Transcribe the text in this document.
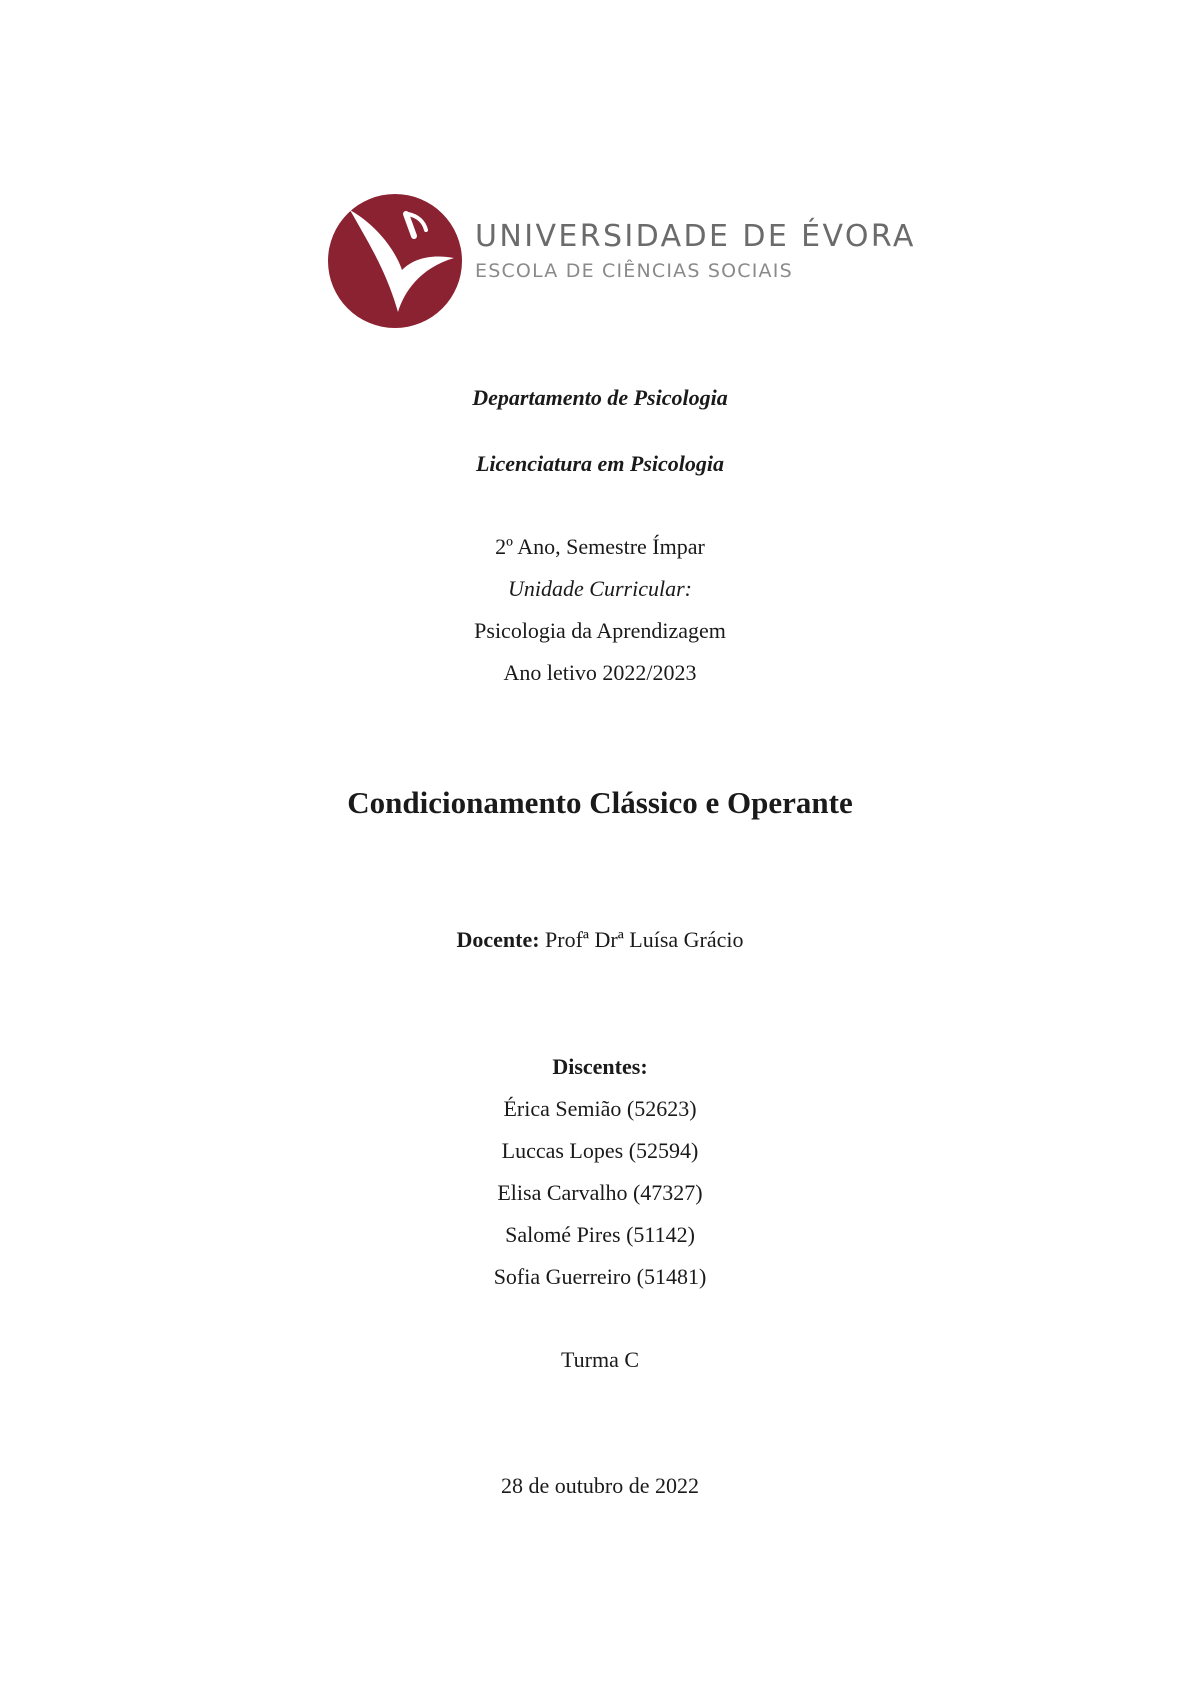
UNIVERSIDADE DE ÉVORA
ESCOLA DE CIÊNCIAS SOCIAIS
Departamento de Psicologia
Licenciatura em Psicologia
2º Ano, Semestre Ímpar
Unidade Curricular:
Psicologia da Aprendizagem
Ano letivo 2022/2023
Condicionamento Clássico e Operante
Docente: Profª Drª Luísa Grácio
Discentes:
Érica Semião (52623)
Luccas Lopes (52594)
Elisa Carvalho (47327)
Salomé Pires (51142)
Sofia Guerreiro (51481)
Turma C
28 de outubro de 2022
